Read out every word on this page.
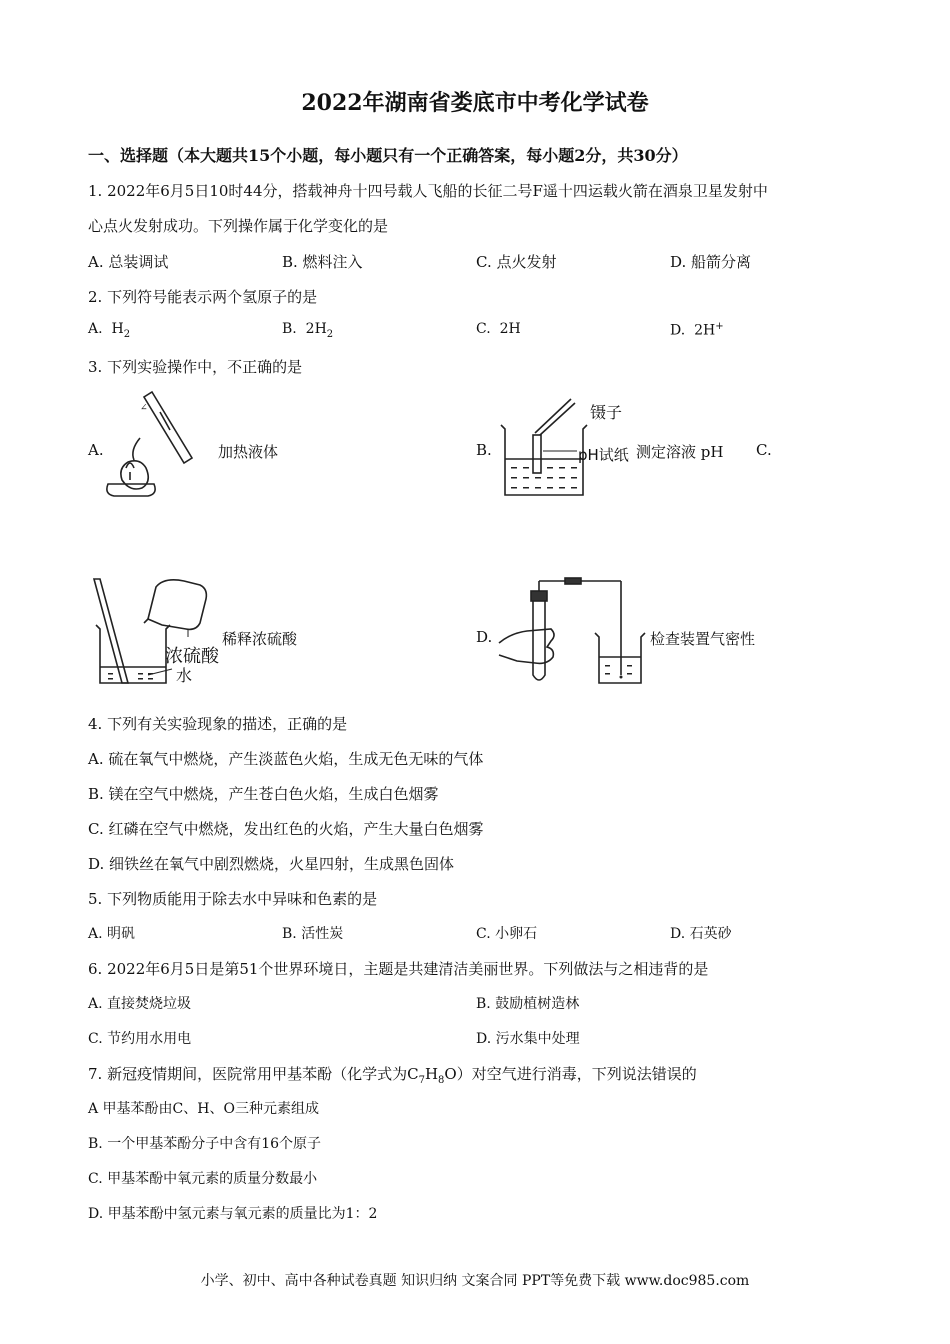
2022年湖南省娄底市中考化学试卷
一、选择题（本大题共15个小题，每小题只有一个正确答案，每小题2分，共30分）
1. 2022年6月5日10时44分，搭载神舟十四号载人飞船的长征二号F遥十四运载火箭在酒泉卫星发射中
心点火发射成功。下列操作属于化学变化的是
A. 总装调试	B. 燃料注入	C. 点火发射	D. 船箭分离
2. 下列符号能表示两个氢原子的是
A. $H_2$	B. $2H_2$	C. 2H	D. 2H+
3. 下列实验操作中，不正确的是
A.
∠
加热液体	B.
镊子
pH试纸 测定溶液 pH C.
浓硫酸
水
稀释浓硫酸	D.	检查装置气密性
4. 下列有关实验现象的描述，正确的是
A. 硫在氧气中燃烧，产生淡蓝色火焰，生成无色无味的气体
B. 镁在空气中燃烧，产生苍白色火焰，生成白色烟雾
C. 红磷在空气中燃烧，发出红色的火焰，产生大量白色烟雾
D. 细铁丝在氧气中剧烈燃烧，火星四射，生成黑色固体
5. 下列物质能用于除去水中异味和色素的是
A. 明矾	B. 活性炭	C. 小卵石	D. 石英砂
6. 2022年6月5日是第51个世界环境日，主题是共建清洁美丽世界。下列做法与之相违背的是
A. 直接焚烧垃圾	B. 鼓励植树造林
C. 节约用水用电	D. 污水集中处理
7. 新冠疫情期间，医院常用甲基苯酚（化学式为$C_7H_8O$）对空气进行消毒，下列说法错误的
A 甲基苯酚由C、H、O三种元素组成
B. 一个甲基苯酚分子中含有16个原子
C. 甲基苯酚中氧元素的质量分数最小
D. 甲基苯酚中氢元素与氧元素的质量比为1：2
小学、初中、高中各种试卷真题 知识归纳 文案合同 PPT等免费下载 www.doc985.com
